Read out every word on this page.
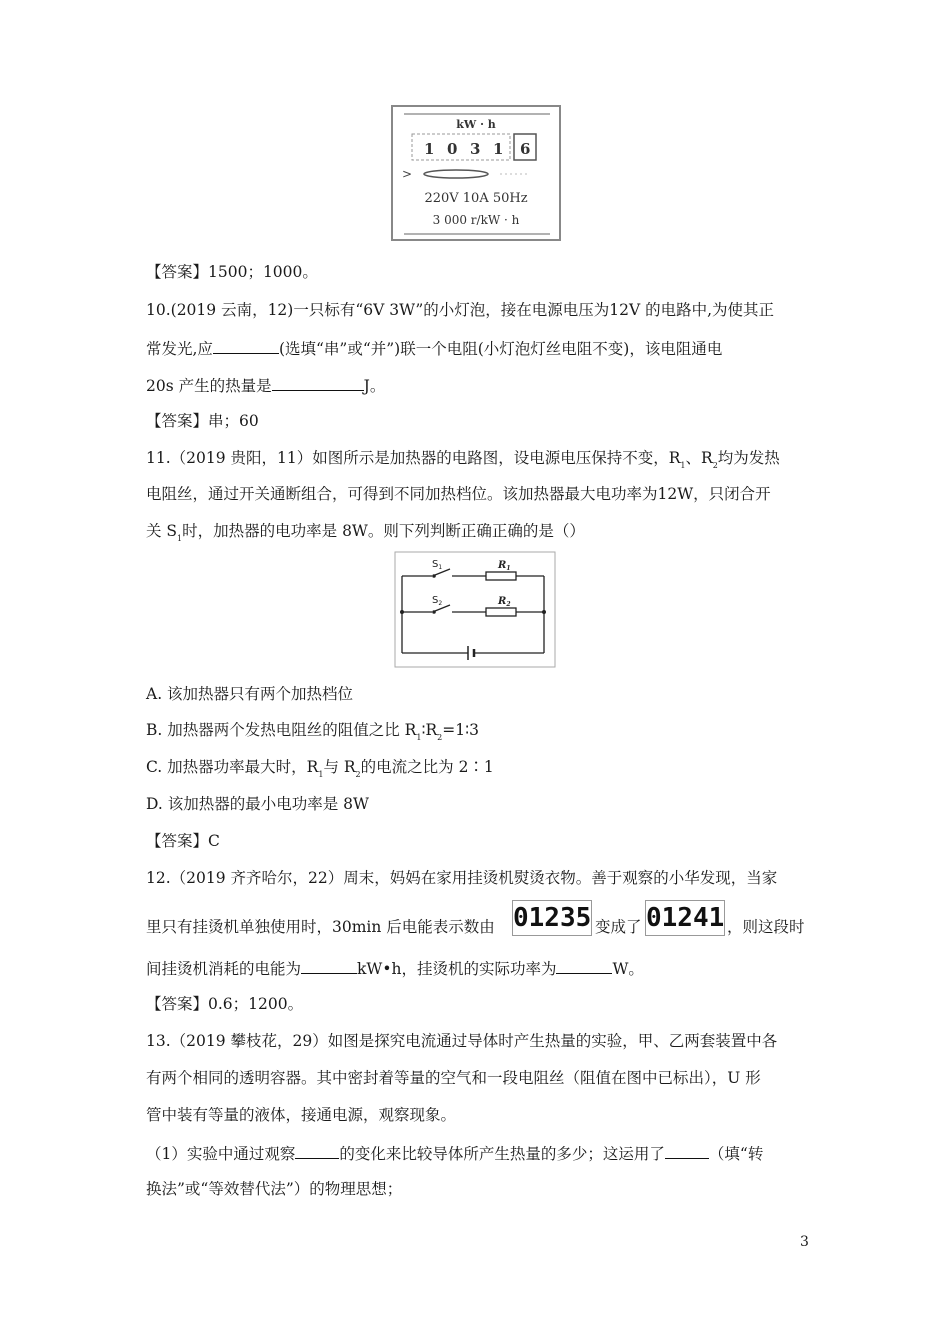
kW · h
1 0 3 1 6
>
220V 10A 50Hz
3 000 r/kW · h
【答案】1500；1000。
10.(2019 云南，12)一只标有“6V 3W”的小灯泡，接在电源电压为12V 的电路中,为使其正
常发光,应	(选填“串”或“并”)联一个电阻(小灯泡灯丝电阻不变)，该电阻通电
20s 产生的热量是	J。
【答案】串；60
11.（2019 贵阳，11）如图所示是加热器的电路图，设电源电压保持不变，$R_1$、$R_2$均为发热
电阻丝，通过开关通断组合，可得到不同加热档位。该加热器最大电功率为12W，只闭合开
关 $S_1$时，加热器的电功率是 8W。则下列判断正确正确的是（）
$S_1$	$R_1$
$S_2$	$R_2$
A. 该加热器只有两个加热档位
B. 加热器两个发热电阻丝的阻值之比 $R_1∶R_2=1∶3$
C. 加热器功率最大时，$R_1$与 $R_2$的电流之比为 2∶1
D. 该加热器的最小电功率是 8W
【答案】C
12.（2019 齐齐哈尔，22）周末，妈妈在家用挂烫机熨烫衣物。善于观察的小华发现，当家
里只有挂烫机单独使用时，30min 后电能表示数由 01235 变成了 01241 ，则这段时
间挂烫机消耗的电能为	kW•h，挂烫机的实际功率为	W。
【答案】0.6；1200。
13.（2019 攀枝花，29）如图是探究电流通过导体时产生热量的实验，甲、乙两套装置中各
有两个相同的透明容器。其中密封着等量的空气和一段电阻丝（阻值在图中已标出），U 形
管中装有等量的液体，接通电源，观察现象。
（1）实验中通过观察	的变化来比较导体所产生热量的多少；这运用了	（填“转
换法”或“等效替代法”）的物理思想；
3
